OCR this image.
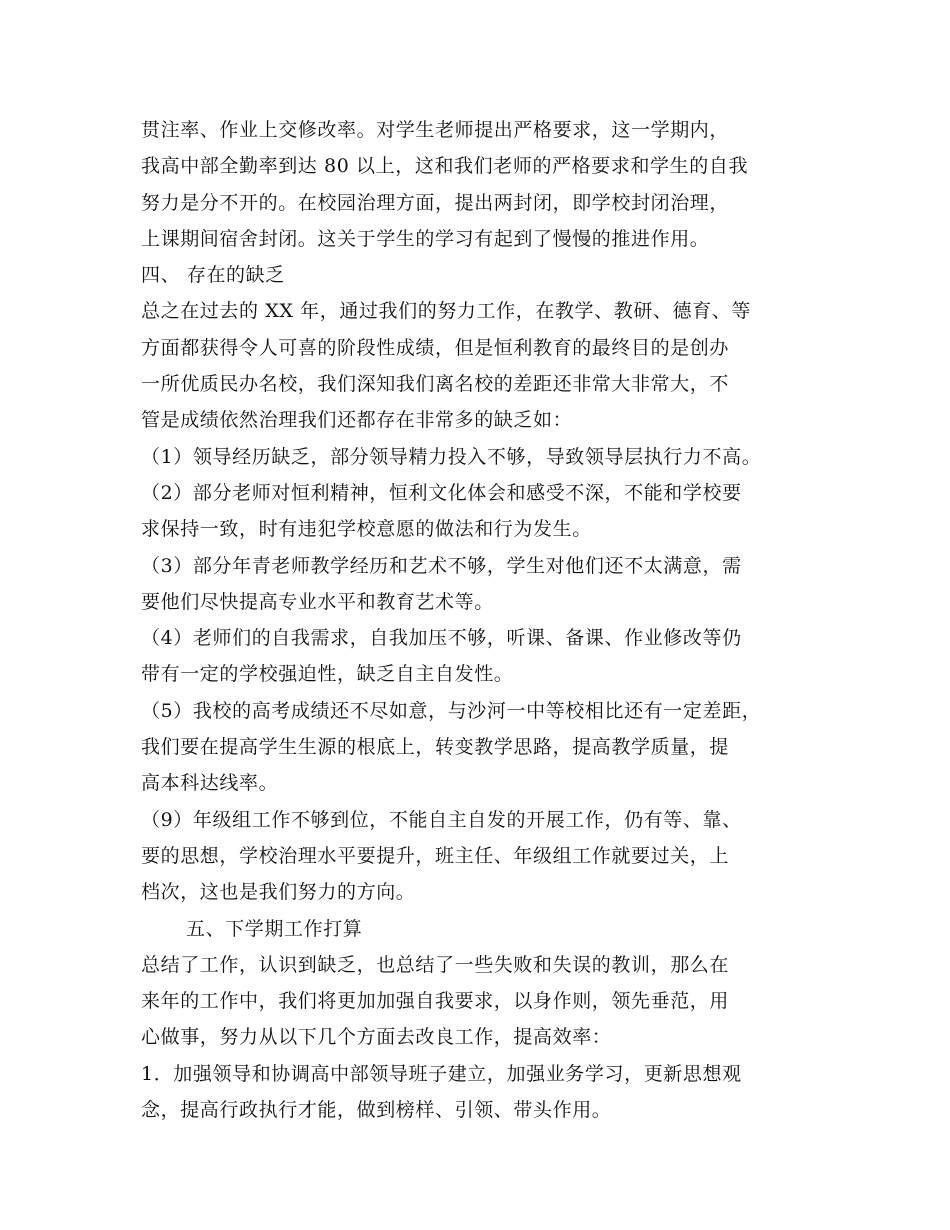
贯注率、作业上交修改率。对学生老师提出严格要求，这一学期内，
我高中部全勤率到达 80 以上，这和我们老师的严格要求和学生的自我
努力是分不开的。在校园治理方面，提出两封闭，即学校封闭治理，
上课期间宿舍封闭。这关于学生的学习有起到了慢慢的推进作用。
四、 存在的缺乏
总之在过去的 XX 年，通过我们的努力工作，在教学、教研、德育、等
方面都获得令人可喜的阶段性成绩，但是恒利教育的最终目的是创办
一所优质民办名校，我们深知我们离名校的差距还非常大非常大，不
管是成绩依然治理我们还都存在非常多的缺乏如：
（1）领导经历缺乏，部分领导精力投入不够，导致领导层执行力不高。
（2）部分老师对恒利精神，恒利文化体会和感受不深，不能和学校要
求保持一致，时有违犯学校意愿的做法和行为发生。
（3）部分年青老师教学经历和艺术不够，学生对他们还不太满意，需
要他们尽快提高专业水平和教育艺术等。
（4）老师们的自我需求，自我加压不够，听课、备课、作业修改等仍
带有一定的学校强迫性，缺乏自主自发性。
（5）我校的高考成绩还不尽如意，与沙河一中等校相比还有一定差距，
我们要在提高学生生源的根底上，转变教学思路，提高教学质量，提
高本科达线率。
（9）年级组工作不够到位，不能自主自发的开展工作，仍有等、靠、
要的思想，学校治理水平要提升，班主任、年级组工作就要过关，上
档次，这也是我们努力的方向。
五、下学期工作打算
总结了工作，认识到缺乏，也总结了一些失败和失误的教训，那么在
来年的工作中，我们将更加加强自我要求，以身作则，领先垂范，用
心做事，努力从以下几个方面去改良工作，提高效率：
1．加强领导和协调高中部领导班子建立，加强业务学习，更新思想观
念，提高行政执行才能，做到榜样、引领、带头作用。
